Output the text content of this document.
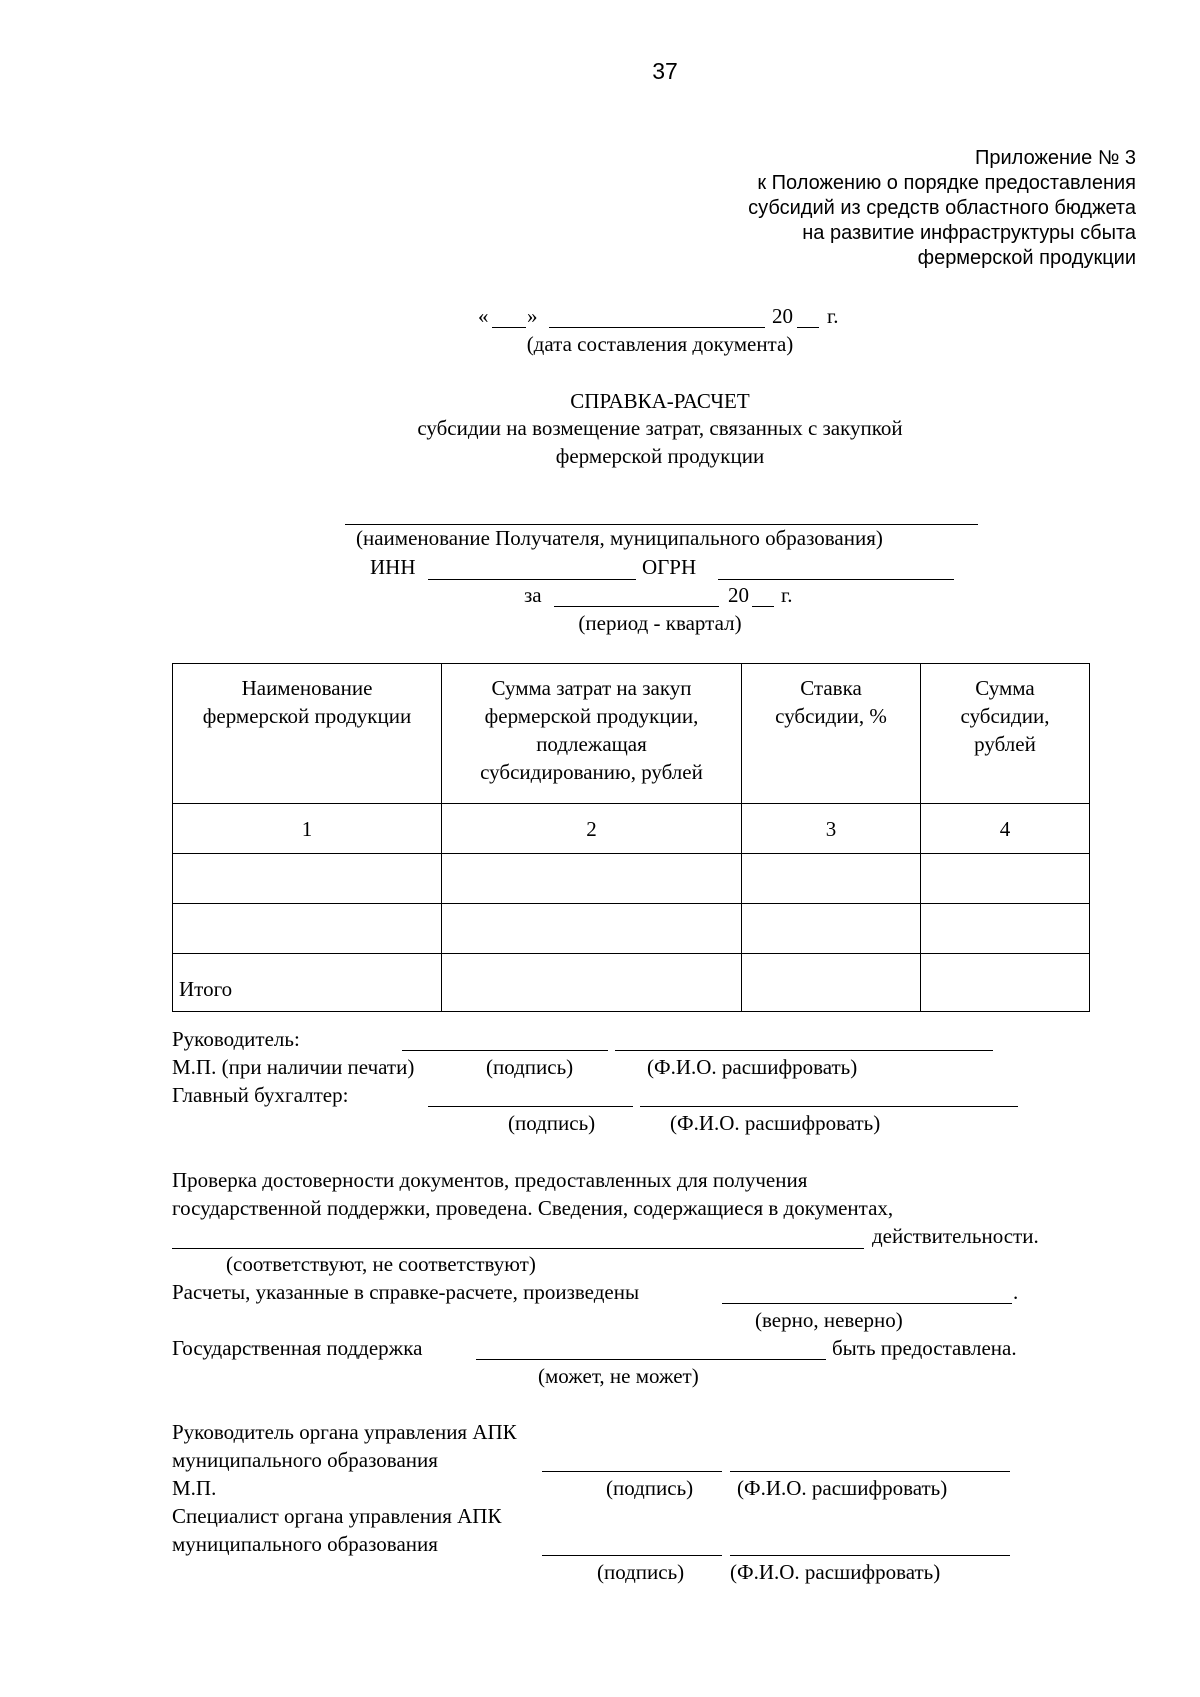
37
Приложение № 3
к Положению о порядке предоставления
субсидий из средств областного бюджета
на развитие инфраструктуры сбыта
фермерской продукции
« »	20 г.
(дата составления документа)
СПРАВКА-РАСЧЕТ
субсидии на возмещение затрат, связанных с закупкой
фермерской продукции
(наименование Получателя, муниципального образования)
ИНН	ОГРН
за	20 г.
(период - квартал)
Наименование фермерской продукции	Сумма затрат на закуп фермерской продукции, подлежащая субсидированию, рублей	Ставка субсидии, %	Сумма субсидии, рублей
1	2	3	4

Итого			
Руководитель:
М.П. (при наличии печати)	(подпись)	(Ф.И.О. расшифровать)
Главный бухгалтер:
(подпись)	(Ф.И.О. расшифровать)
Проверка достоверности документов, предоставленных для получения
государственной поддержки, проведена. Сведения, содержащиеся в документах,
действительности.
(соответствуют, не соответствуют)
Расчеты, указанные в справке-расчете, произведены	.
(верно, неверно)
Государственная поддержка	быть предоставлена.
(может, не может)
Руководитель органа управления АПК
муниципального образования
М.П.	(подпись) (Ф.И.О. расшифровать)
Специалист органа управления АПК
муниципального образования
(подпись) (Ф.И.О. расшифровать)
